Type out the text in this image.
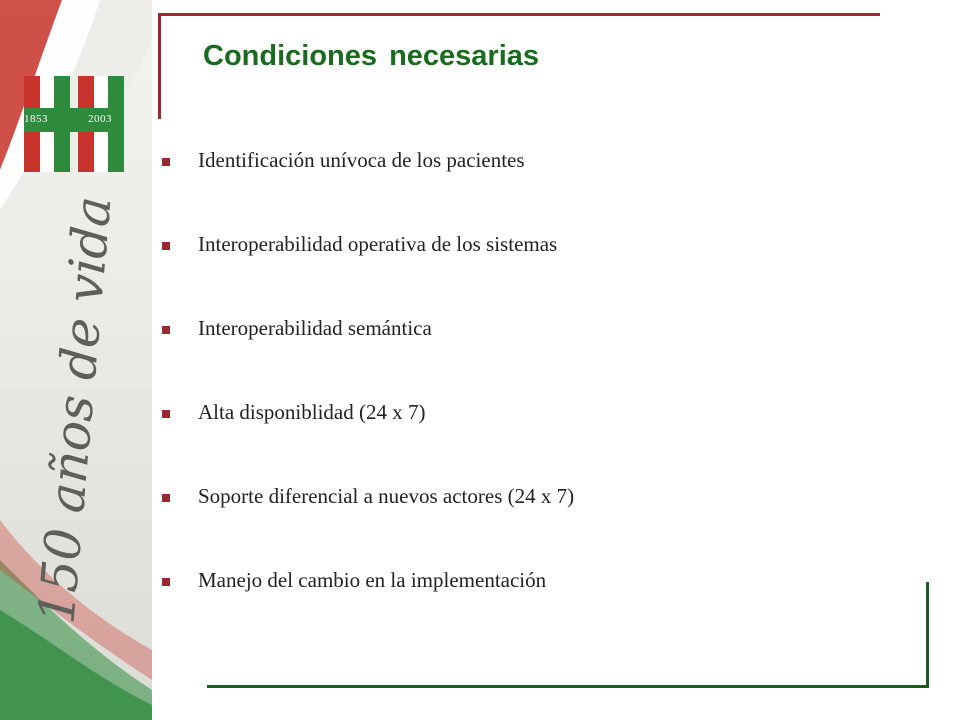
1853	2003
150 años de vida
Condiciones necesarias
Identificación unívoca de los pacientes
Interoperabilidad operativa de los sistemas
Interoperabilidad semántica
Alta disponiblidad (24 x 7)
Soporte diferencial a nuevos actores (24 x 7)
Manejo del cambio en la implementación
